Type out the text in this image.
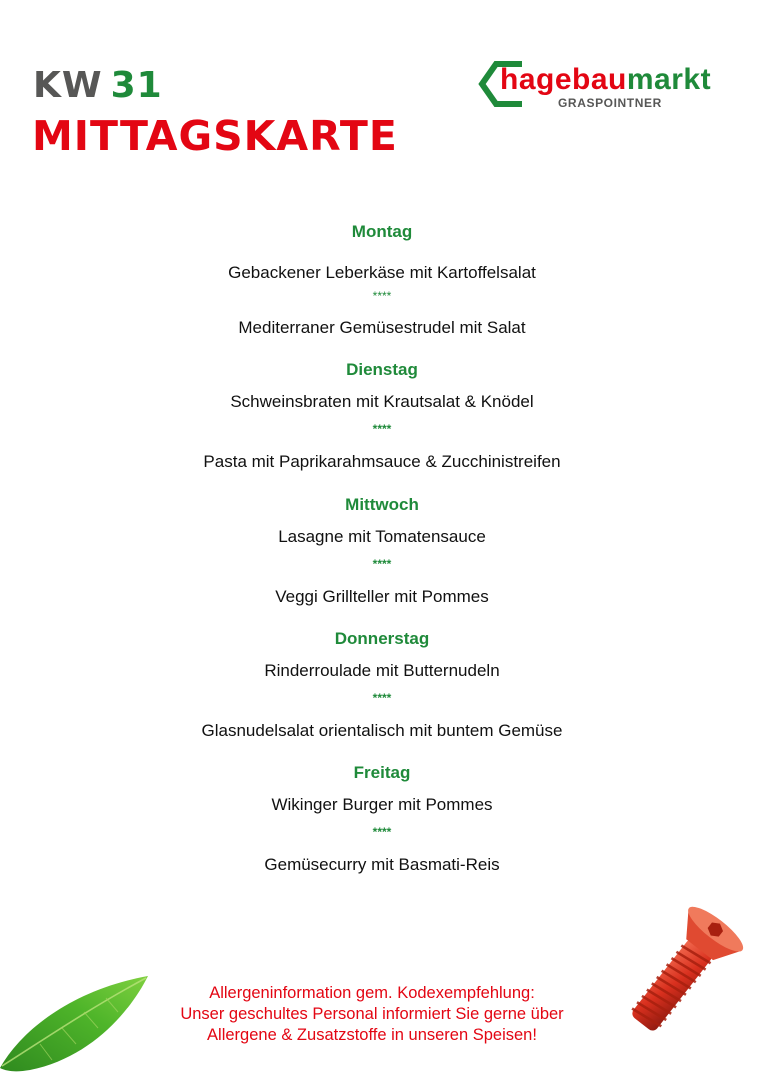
KW 31
MITTAGSKARTE
hagebaumarkt
GRASPOINTNER
Montag
Gebackener Leberkäse mit Kartoffelsalat
****
Mediterraner Gemüsestrudel mit Salat
Dienstag
Schweinsbraten mit Krautsalat & Knödel
****
Pasta mit Paprikarahmsauce & Zucchinistreifen
Mittwoch
Lasagne mit Tomatensauce
****
Veggi Grillteller mit Pommes
Donnerstag
Rinderroulade mit Butternudeln
****
Glasnudelsalat orientalisch mit buntem Gemüse
Freitag
Wikinger Burger mit Pommes
****
Gemüsecurry mit Basmati-Reis
Allergeninformation gem. Kodexempfehlung:
Unser geschultes Personal informiert Sie gerne über
Allergene & Zusatzstoffe in unseren Speisen!
